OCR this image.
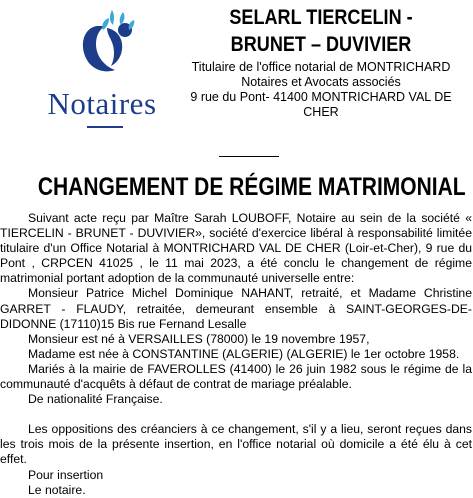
Notaires
SELARL TIERCELIN - BRUNET – DUVIVIER
Titulaire de l'office notarial de MONTRICHARD
Notaires et Avocats associés
9 rue du Pont- 41400 MONTRICHARD VAL DE CHER
CHANGEMENT DE RÉGIME MATRIMONIAL

Suivant acte reçu par Maître Sarah LOUBOFF, Notaire au sein de la société « TIERCELIN - BRUNET - DUVIVIER», société d'exercice libéral à responsabilité limitée titulaire d'un Office Notarial à MONTRICHARD VAL DE CHER (Loir-et-Cher), 9 rue du Pont , CRPCEN 41025 , le 11 mai 2023, a été conclu le changement de régime matrimonial portant adoption de la communauté universelle entre:

Monsieur Patrice Michel Dominique NAHANT, retraité, et Madame Christine GARRET - FLAUDY, retraitée, demeurant ensemble à SAINT-GEORGES-DE-DIDONNE (17110)15 Bis rue Fernand Lesalle

Monsieur est né à VERSAILLES (78000) le 19 novembre 1957,

Madame est née à CONSTANTINE (ALGERIE) (ALGERIE) le 1er octobre 1958.

Mariés à la mairie de FAVEROLLES (41400) le 26 juin 1982 sous le régime de la communauté d'acquêts à défaut de contrat de mariage préalable.

De nationalité Française.

Les oppositions des créanciers à ce changement, s'il y a lieu, seront reçues dans les trois mois de la présente insertion, en l'office notarial où domicile a été élu à cet effet.

Pour insertion

Le notaire.
